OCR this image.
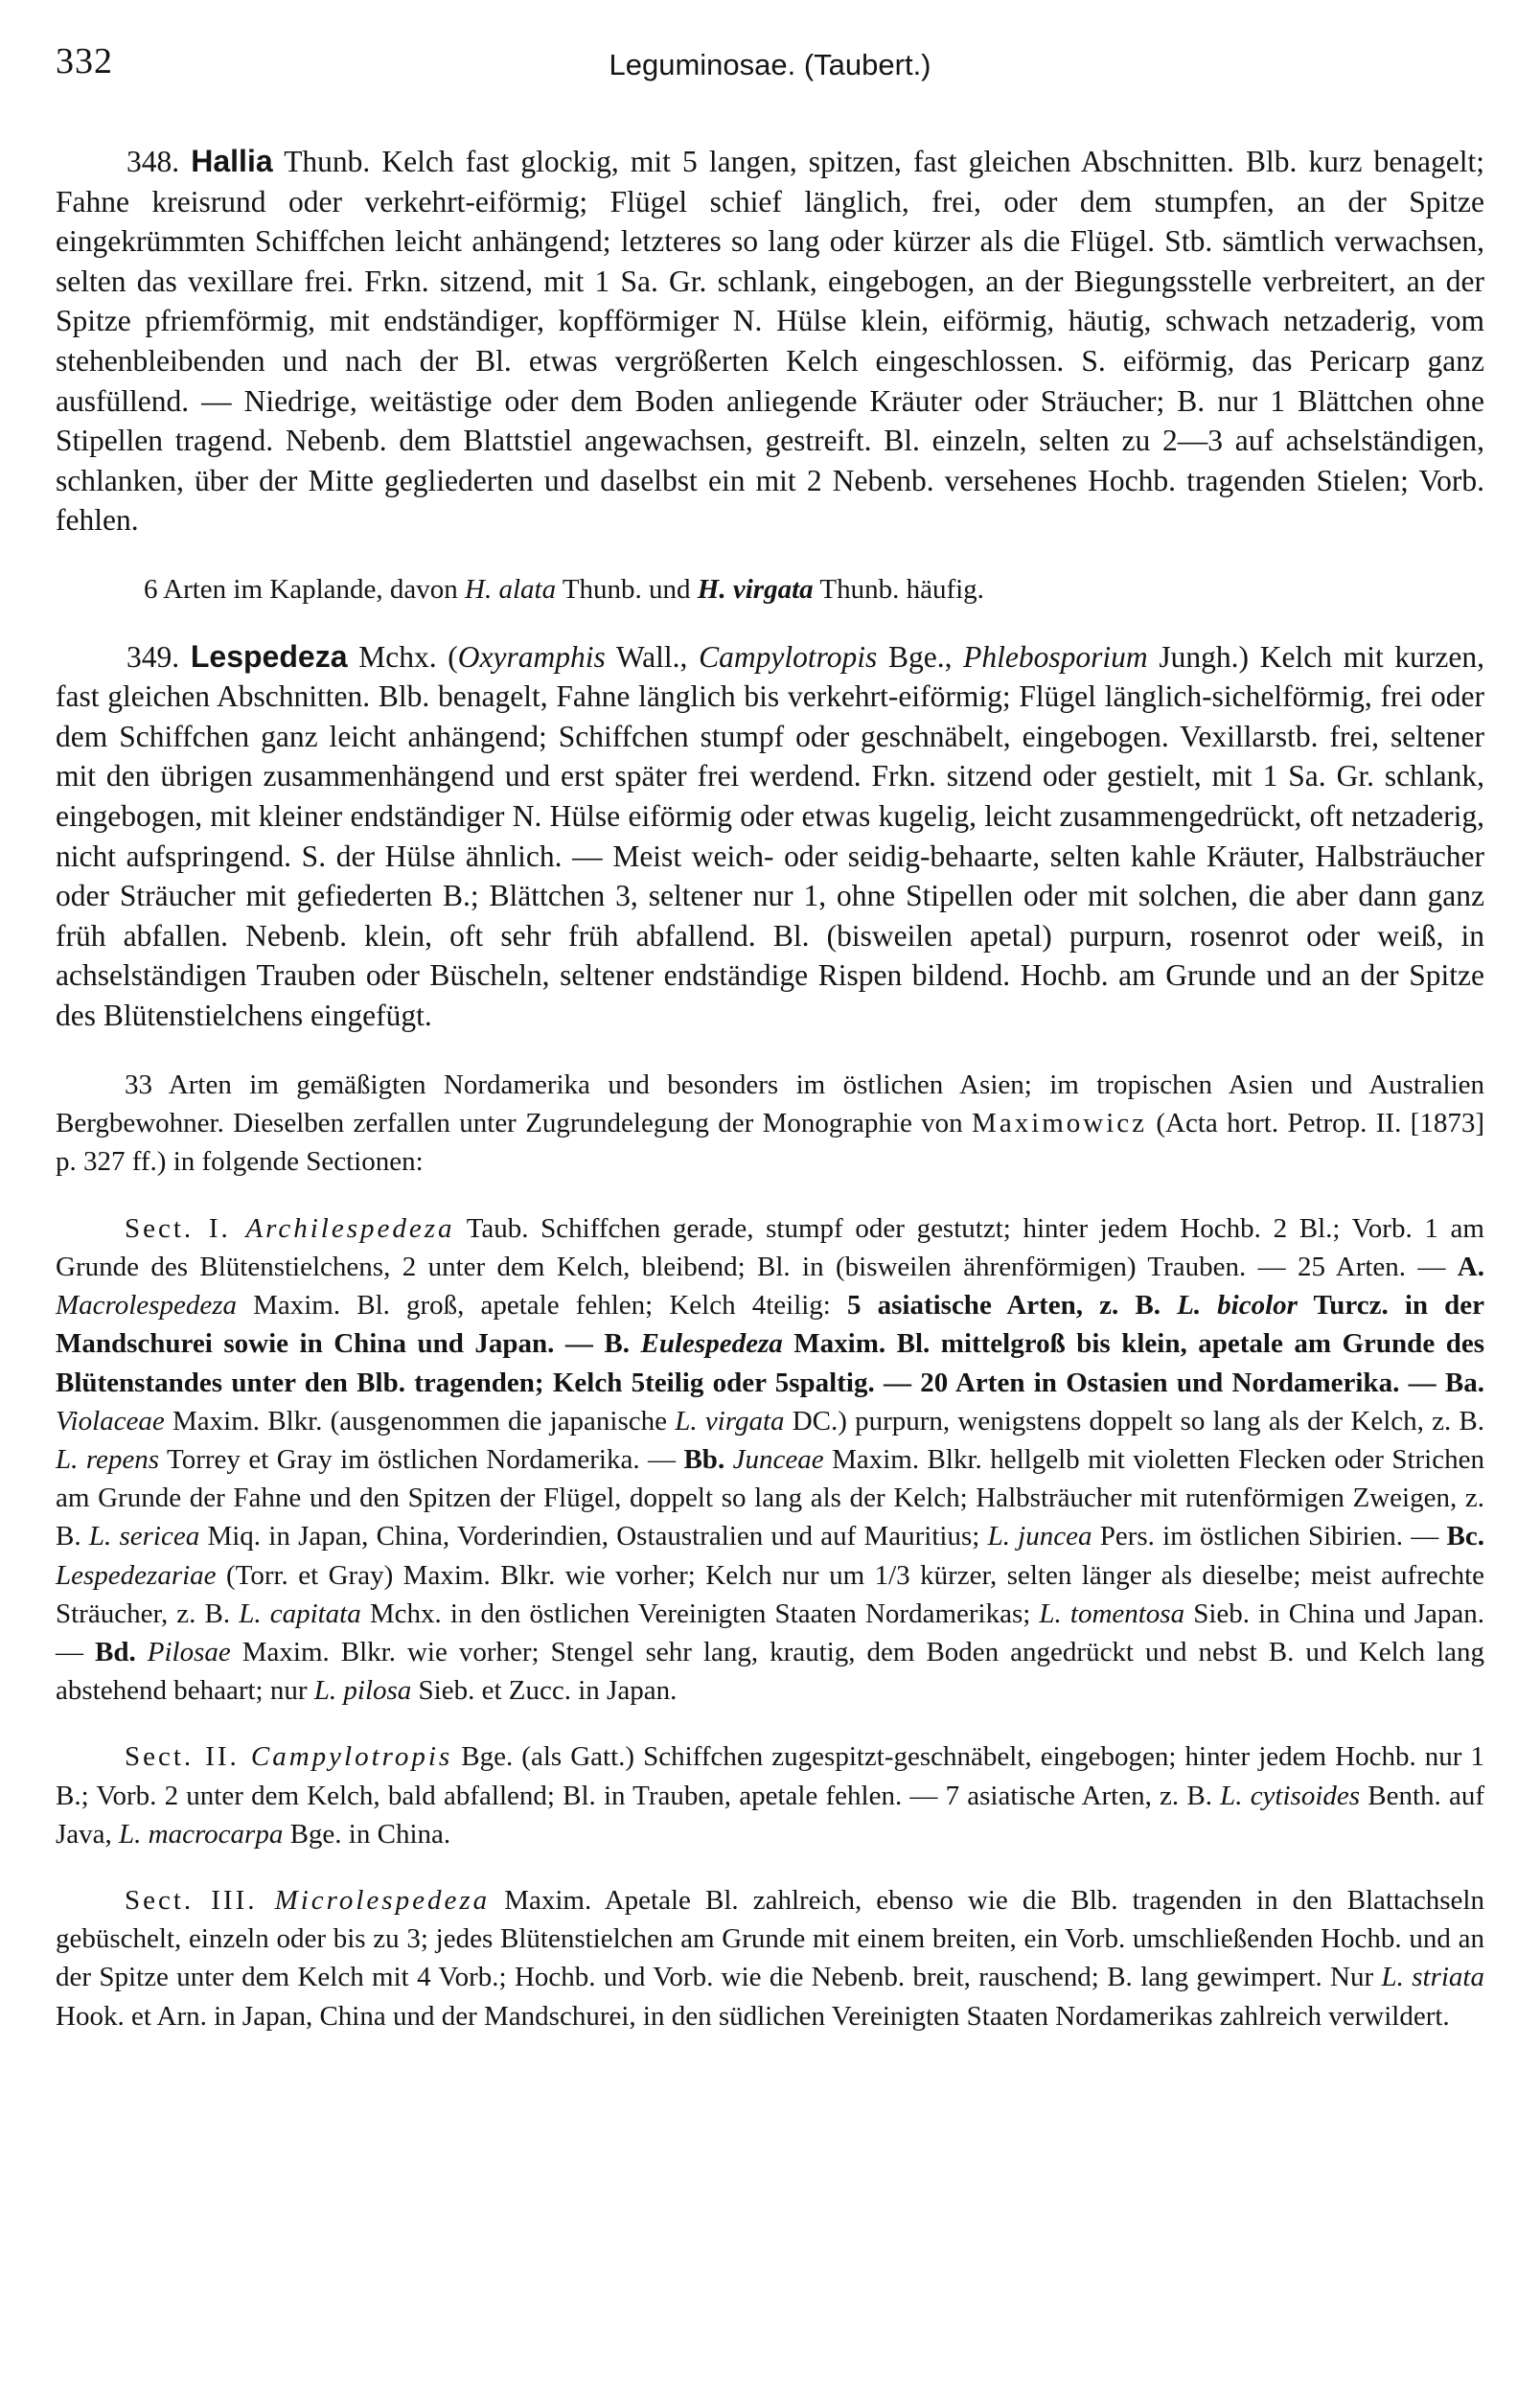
332	Leguminosae. (Taubert.)

348. Hallia Thunb. Kelch fast glockig, mit 5 langen, spitzen, fast gleichen Abschnitten. Blb. kurz benagelt; Fahne kreisrund oder verkehrt-eiförmig; Flügel schief länglich, frei, oder dem stumpfen, an der Spitze eingekrümmten Schiffchen leicht anhängend; letzteres so lang oder kürzer als die Flügel. Stb. sämtlich verwachsen, selten das vexillare frei. Frkn. sitzend, mit 1 Sa. Gr. schlank, eingebogen, an der Biegungsstelle verbreitert, an der Spitze pfriemförmig, mit endständiger, kopfförmiger N. Hülse klein, eiförmig, häutig, schwach netzaderig, vom stehenbleibenden und nach der Bl. etwas vergrößerten Kelch eingeschlossen. S. eiförmig, das Pericarp ganz ausfüllend. — Niedrige, weitästige oder dem Boden anliegende Kräuter oder Sträucher; B. nur 1 Blättchen ohne Stipellen tragend. Nebenb. dem Blattstiel angewachsen, gestreift. Bl. einzeln, selten zu 2—3 auf achselständigen, schlanken, über der Mitte gegliederten und daselbst ein mit 2 Nebenb. versehenes Hochb. tragenden Stielen; Vorb. fehlen.

6 Arten im Kaplande, davon H. alata Thunb. und H. virgata Thunb. häufig.

349. Lespedeza Mchx. (Oxyramphis Wall., Campylotropis Bge., Phlebosporium Jungh.) Kelch mit kurzen, fast gleichen Abschnitten. Blb. benagelt, Fahne länglich bis verkehrt-eiförmig; Flügel länglich-sichelförmig, frei oder dem Schiffchen ganz leicht anhängend; Schiffchen stumpf oder geschnäbelt, eingebogen. Vexillarstb. frei, seltener mit den übrigen zusammenhängend und erst später frei werdend. Frkn. sitzend oder gestielt, mit 1 Sa. Gr. schlank, eingebogen, mit kleiner endständiger N. Hülse eiförmig oder etwas kugelig, leicht zusammengedrückt, oft netzaderig, nicht aufspringend. S. der Hülse ähnlich. — Meist weich- oder seidig-behaarte, selten kahle Kräuter, Halbsträucher oder Sträucher mit gefiederten B.; Blättchen 3, seltener nur 1, ohne Stipellen oder mit solchen, die aber dann ganz früh abfallen. Nebenb. klein, oft sehr früh abfallend. Bl. (bisweilen apetal) purpurn, rosenrot oder weiß, in achselständigen Trauben oder Büscheln, seltener endständige Rispen bildend. Hochb. am Grunde und an der Spitze des Blütenstielchens eingefügt.

33 Arten im gemäßigten Nordamerika und besonders im östlichen Asien; im tropischen Asien und Australien Bergbewohner. Dieselben zerfallen unter Zugrundelegung der Monographie von Maximowicz (Acta hort. Petrop. II. [1873] p. 327 ff.) in folgende Sectionen:

Sect. I. Archilespedeza Taub. Schiffchen gerade, stumpf oder gestutzt; hinter jedem Hochb. 2 Bl.; Vorb. 1 am Grunde des Blütenstielchens, 2 unter dem Kelch, bleibend; Bl. in (bisweilen ährenförmigen) Trauben. — 25 Arten. — A. Macrolespedeza Maxim. Bl. groß, apetale fehlen; Kelch 4teilig: 5 asiatische Arten, z. B. L. bicolor Turcz. in der Mandschurei sowie in China und Japan. — B. Eulespedeza Maxim. Bl. mittelgroß bis klein, apetale am Grunde des Blütenstandes unter den Blb. tragenden; Kelch 5teilig oder 5spaltig. — 20 Arten in Ostasien und Nordamerika. — Ba. Violaceae Maxim. Blkr. (ausgenommen die japanische L. virgata DC.) purpurn, wenigstens doppelt so lang als der Kelch, z. B. L. repens Torrey et Gray im östlichen Nordamerika. — Bb. Junceae Maxim. Blkr. hellgelb mit violetten Flecken oder Strichen am Grunde der Fahne und den Spitzen der Flügel, doppelt so lang als der Kelch; Halbsträucher mit rutenförmigen Zweigen, z. B. L. sericea Miq. in Japan, China, Vorderindien, Ostaustralien und auf Mauritius; L. juncea Pers. im östlichen Sibirien. — Bc. Lespedezariae (Torr. et Gray) Maxim. Blkr. wie vorher; Kelch nur um 1/3 kürzer, selten länger als dieselbe; meist aufrechte Sträucher, z. B. L. capitata Mchx. in den östlichen Vereinigten Staaten Nordamerikas; L. tomentosa Sieb. in China und Japan. — Bd. Pilosae Maxim. Blkr. wie vorher; Stengel sehr lang, krautig, dem Boden angedrückt und nebst B. und Kelch lang abstehend behaart; nur L. pilosa Sieb. et Zucc. in Japan.

Sect. II. Campylotropis Bge. (als Gatt.) Schiffchen zugespitzt-geschnäbelt, eingebogen; hinter jedem Hochb. nur 1 B.; Vorb. 2 unter dem Kelch, bald abfallend; Bl. in Trauben, apetale fehlen. — 7 asiatische Arten, z. B. L. cytisoides Benth. auf Java, L. macrocarpa Bge. in China.

Sect. III. Microlespedeza Maxim. Apetale Bl. zahlreich, ebenso wie die Blb. tragenden in den Blattachseln gebüschelt, einzeln oder bis zu 3; jedes Blütenstielchen am Grunde mit einem breiten, ein Vorb. umschließenden Hochb. und an der Spitze unter dem Kelch mit 4 Vorb.; Hochb. und Vorb. wie die Nebenb. breit, rauschend; B. lang gewimpert. Nur L. striata Hook. et Arn. in Japan, China und der Mandschurei, in den südlichen Vereinigten Staaten Nordamerikas zahlreich verwildert.
